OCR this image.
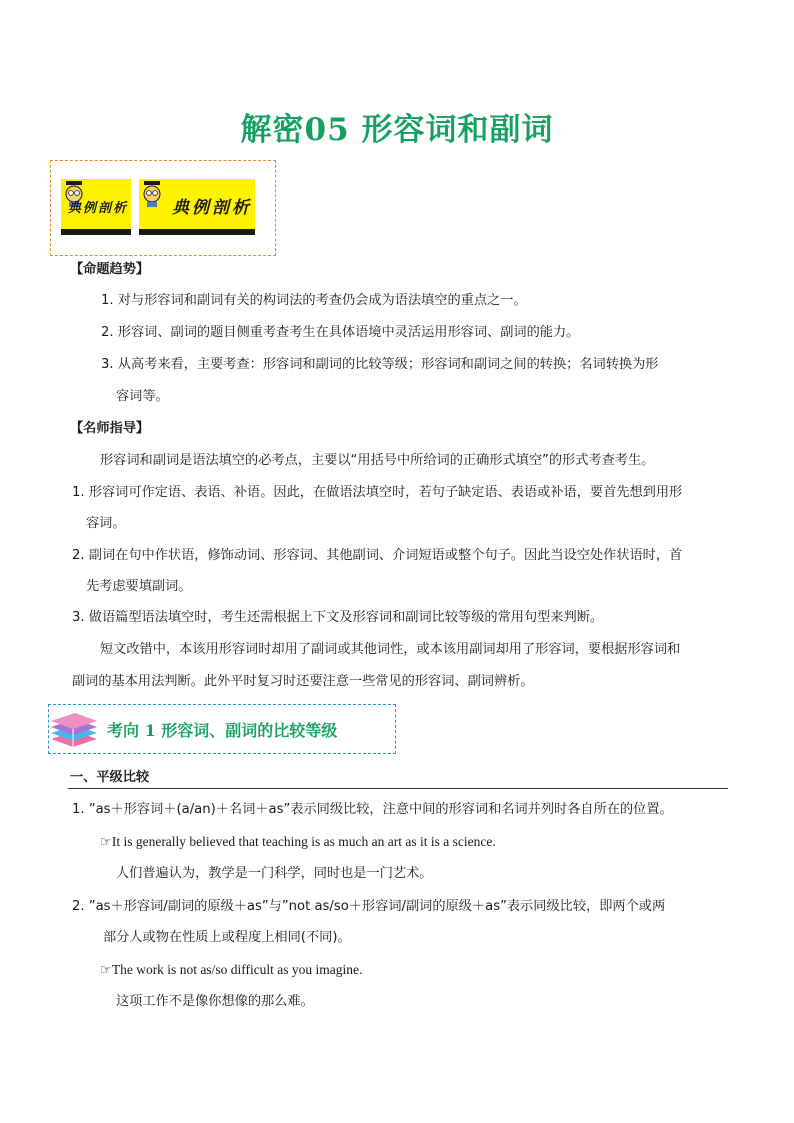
解密05 形容词和副词
典例剖析	典例剖析
【命题趋势】
1. 对与形容词和副词有关的构词法的考查仍会成为语法填空的重点之一。
2. 形容词、副词的题目侧重考查考生在具体语境中灵活运用形容词、副词的能力。
3. 从高考来看，主要考查：形容词和副词的比较等级；形容词和副词之间的转换；名词转换为形
容词等。
【名师指导】
形容词和副词是语法填空的必考点，主要以“用括号中所给词的正确形式填空”的形式考查考生。
1. 形容词可作定语、表语、补语。因此，在做语法填空时，若句子缺定语、表语或补语，要首先想到用形
容词。
2. 副词在句中作状语，修饰动词、形容词、其他副词、介词短语或整个句子。因此当设空处作状语时，首
先考虑要填副词。
3. 做语篇型语法填空时，考生还需根据上下文及形容词和副词比较等级的常用句型来判断。
短文改错中，本该用形容词时却用了副词或其他词性，或本该用副词却用了形容词，要根据形容词和
副词的基本用法判断。此外平时复习时还要注意一些常见的形容词、副词辨析。
考向 1 形容词、副词的比较等级
一、平级比较
1. ”as＋形容词＋(a/an)＋名词＋as”表示同级比较，注意中间的形容词和名词并列时各自所在的位置。
☞It is generally believed that teaching is as much an art as it is a science.
人们普遍认为，教学是一门科学，同时也是一门艺术。
2. ”as＋形容词/副词的原级＋as”与”not as/so＋形容词/副词的原级＋as”表示同级比较，即两个或两
部分人或物在性质上或程度上相同(不同)。
☞The work is not as/so difficult as you imagine.
这项工作不是像你想像的那么难。
